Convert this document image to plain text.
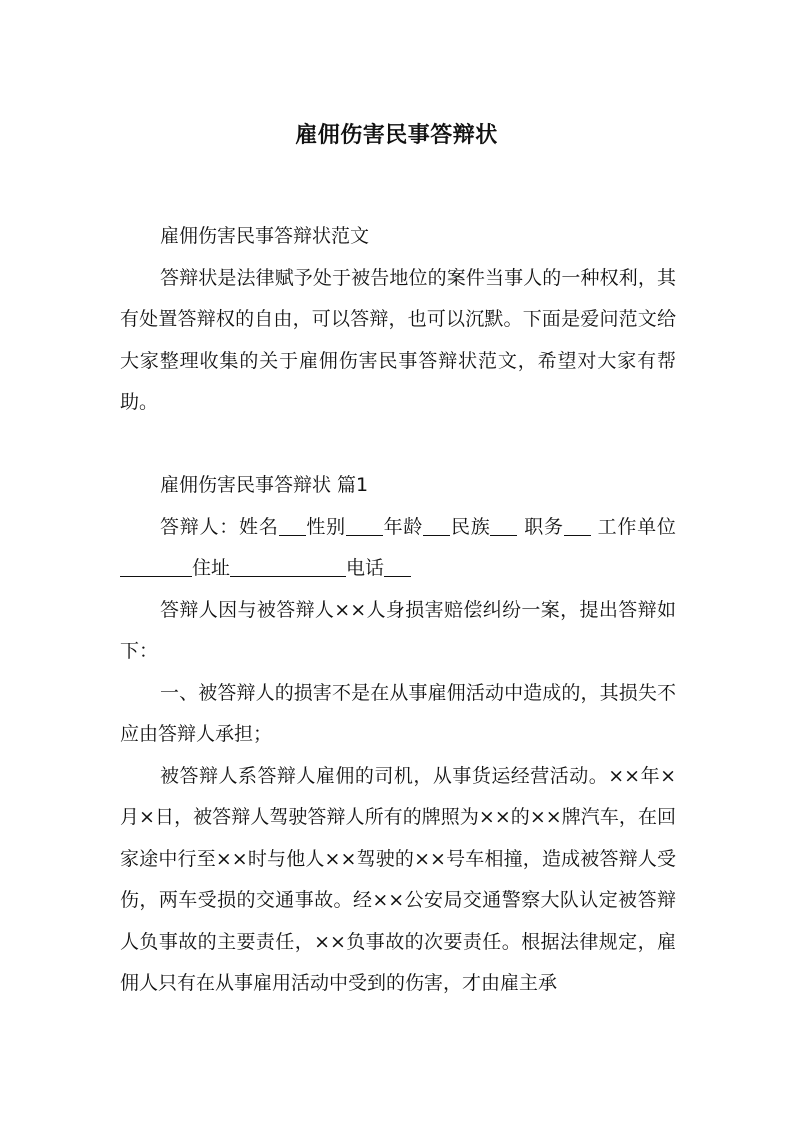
雇佣伤害民事答辩状

雇佣伤害民事答辩状范文

答辩状是法律赋予处于被告地位的案件当事人的一种权利，其有处置答辩权的自由，可以答辩，也可以沉默。下面是爱问范文给大家整理收集的关于雇佣伤害民事答辩状范文，希望对大家有帮助。

雇佣伤害民事答辩状 篇1

答辩人：姓名 性别 年龄 民族 职务 工作单位住址	电话

答辩人因与被答辩人××人身损害赔偿纠纷一案，提出答辩如下：

一、被答辩人的损害不是在从事雇佣活动中造成的，其损失不应由答辩人承担；

被答辩人系答辩人雇佣的司机，从事货运经营活动。××年×月×日，被答辩人驾驶答辩人所有的牌照为××的××牌汽车，在回家途中行至××时与他人××驾驶的××号车相撞，造成被答辩人受伤，两车受损的交通事故。经××公安局交通警察大队认定被答辩人负事故的主要责任，××负事故的次要责任。根据法律规定，雇佣人只有在从事雇用活动中受到的伤害，才由雇主承
